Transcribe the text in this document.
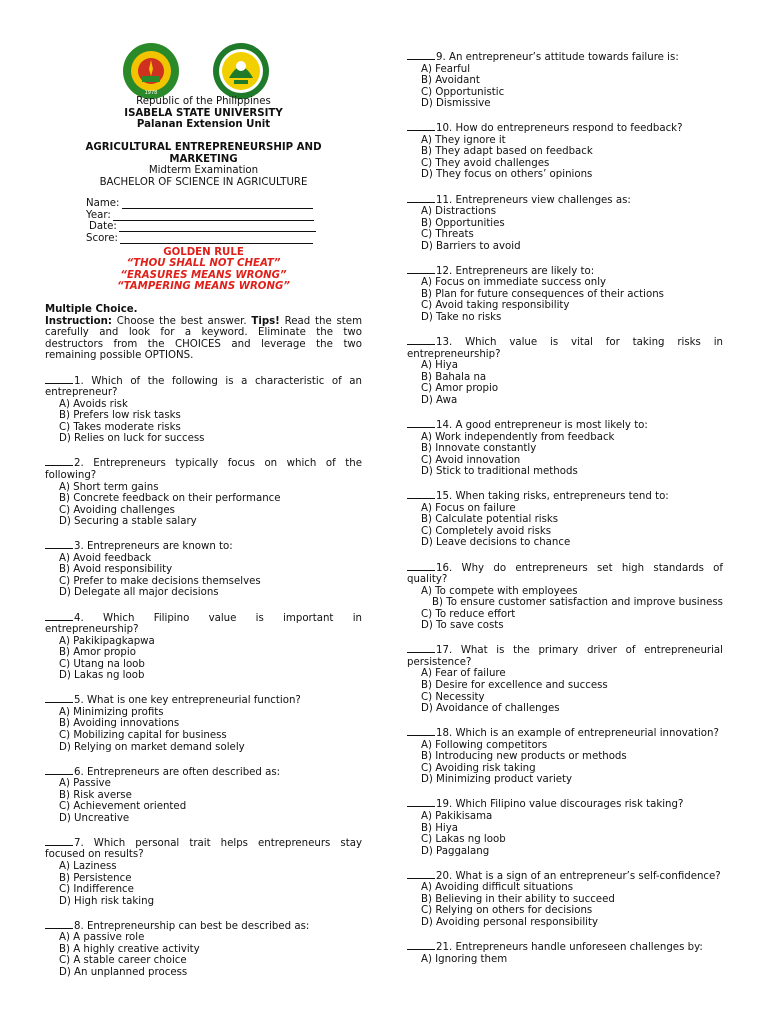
1978
Republic of the Philippines
ISABELA STATE UNIVERSITY
Palanan Extension Unit
AGRICULTURAL ENTREPRENEURSHIP AND
MARKETING
Midterm Examination
BACHELOR OF SCIENCE IN AGRICULTURE
Name:
Year:
Date:
Score:
GOLDEN RULE
“THOU SHALL NOT CHEAT”
“ERASURES MEANS WRONG”
“TAMPERING MEANS WRONG”
Multiple Choice.
Instruction: Choose the best answer. Tips! Read the stem carefully and look for a keyword. Eliminate the two destructors from the CHOICES and leverage the two remaining possible OPTIONS.
1. Which of the following is a characteristic of an entrepreneur?
A) Avoids risk
B) Prefers low risk tasks
C) Takes moderate risks
D) Relies on luck for success
2. Entrepreneurs typically focus on which of the following?
A) Short term gains
B) Concrete feedback on their performance
C) Avoiding challenges
D) Securing a stable salary
3. Entrepreneurs are known to:
A) Avoid feedback
B) Avoid responsibility
C) Prefer to make decisions themselves
D) Delegate all major decisions
4. Which Filipino value is important in entrepreneurship?
A) Pakikipagkapwa
B) Amor propio
C) Utang na loob
D) Lakas ng loob
5. What is one key entrepreneurial function?
A) Minimizing profits
B) Avoiding innovations
C) Mobilizing capital for business
D) Relying on market demand solely
6. Entrepreneurs are often described as:
A) Passive
B) Risk averse
C) Achievement oriented
D) Uncreative
7. Which personal trait helps entrepreneurs stay focused on results?
A) Laziness
B) Persistence
C) Indifference
D) High risk taking
8. Entrepreneurship can best be described as:
A) A passive role
B) A highly creative activity
C) A stable career choice
D) An unplanned process
9. An entrepreneur’s attitude towards failure is:
A) Fearful
B) Avoidant
C) Opportunistic
D) Dismissive
10. How do entrepreneurs respond to feedback?
A) They ignore it
B) They adapt based on feedback
C) They avoid challenges
D) They focus on others’ opinions
11. Entrepreneurs view challenges as:
A) Distractions
B) Opportunities
C) Threats
D) Barriers to avoid
12. Entrepreneurs are likely to:
A) Focus on immediate success only
B) Plan for future consequences of their actions
C) Avoid taking responsibility
D) Take no risks
13. Which value is vital for taking risks in entrepreneurship?
A) Hiya
B) Bahala na
C) Amor propio
D) Awa
14. A good entrepreneur is most likely to:
A) Work independently from feedback
B) Innovate constantly
C) Avoid innovation
D) Stick to traditional methods
15. When taking risks, entrepreneurs tend to:
A) Focus on failure
B) Calculate potential risks
C) Completely avoid risks
D) Leave decisions to chance
16. Why do entrepreneurs set high standards of quality?
A) To compete with employees
B) To ensure customer satisfaction and improve business
C) To reduce effort
D) To save costs
17. What is the primary driver of entrepreneurial persistence?
A) Fear of failure
B) Desire for excellence and success
C) Necessity
D) Avoidance of challenges
18. Which is an example of entrepreneurial innovation?
A) Following competitors
B) Introducing new products or methods
C) Avoiding risk taking
D) Minimizing product variety
19. Which Filipino value discourages risk taking?
A) Pakikisama
B) Hiya
C) Lakas ng loob
D) Paggalang
20. What is a sign of an entrepreneur’s self-confidence?
A) Avoiding difficult situations
B) Believing in their ability to succeed
C) Relying on others for decisions
D) Avoiding personal responsibility
21. Entrepreneurs handle unforeseen challenges by:
A) Ignoring them
